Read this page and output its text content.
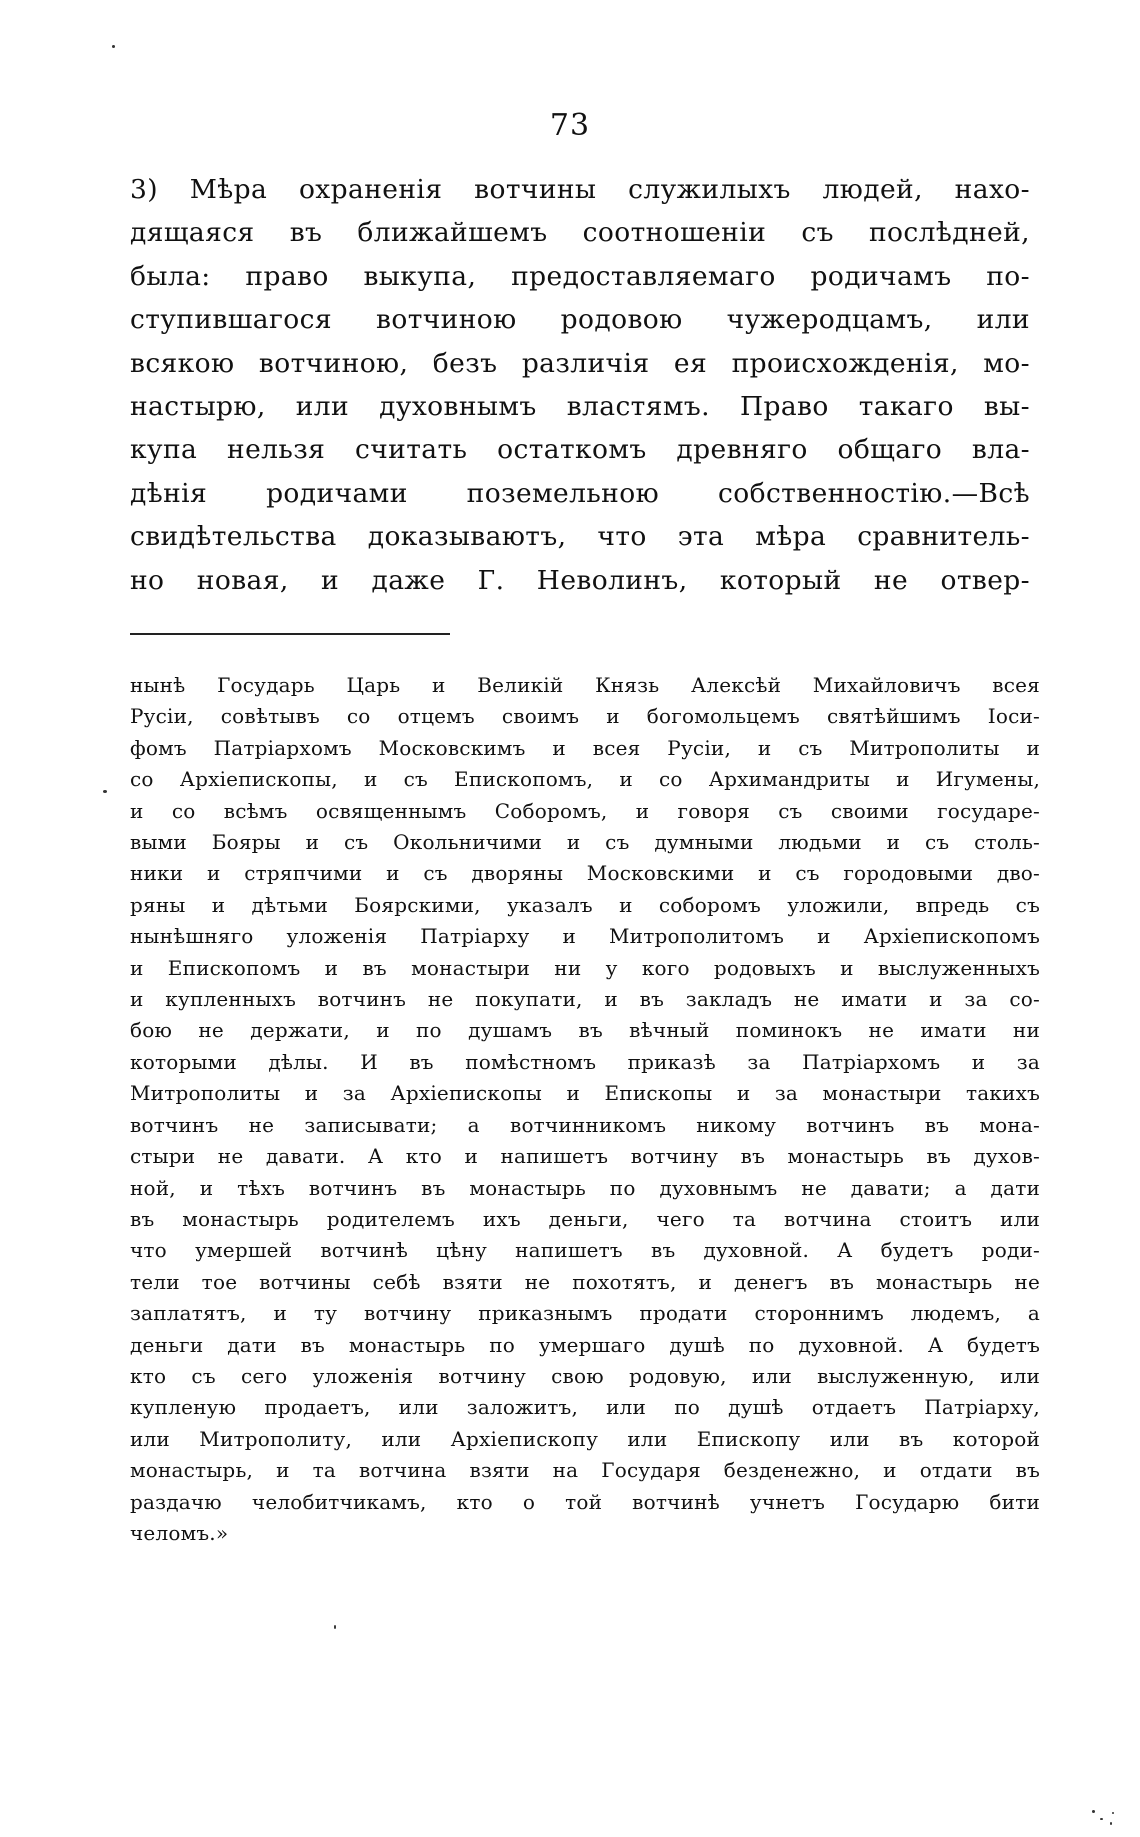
73
3) Мѣра охраненія вотчины служилыхъ людей, нахо-
дящаяся въ ближайшемъ соотношеніи съ послѣдней,
была: право выкупа, предоставляемаго родичамъ по-
ступившагося вотчиною родовою чужеродцамъ, или
всякою вотчиною, безъ различія ея происхожденія, мо-
настырю, или духовнымъ властямъ. Право такаго вы-
купа нельзя считать остаткомъ древняго общаго вла-
дѣнія родичами поземельною собственностію.—Всѣ
свидѣтельства доказываютъ, что эта мѣра сравнитель-
но новая, и даже Г. Неволинъ, который не отвер-
нынѣ Государь Царь и Великій Князь Алексѣй Михайловичъ всея
Русіи, совѣтывъ со отцемъ своимъ и богомольцемъ святѣйшимъ Іоси-
фомъ Патріархомъ Московскимъ и всея Русіи, и съ Митрополиты и
со Архіепископы, и съ Епископомъ, и со Архимандриты и Игумены,
и со всѣмъ освященнымъ Соборомъ, и говоря съ своими государе-
выми Бояры и съ Окольничими и съ думными людьми и съ столь-
ники и стряпчими и съ дворяны Московскими и съ городовыми дво-
ряны и дѣтьми Боярскими, указалъ и соборомъ уложили, впредь съ
нынѣшняго уложенія Патріарху и Митрополитомъ и Архіепископомъ
и Епископомъ и въ монастыри ни у кого родовыхъ и выслуженныхъ
и купленныхъ вотчинъ не покупати, и въ закладъ не имати и за со-
бою не держати, и по душамъ въ вѣчный поминокъ не имати ни
которыми дѣлы. И въ помѣстномъ приказѣ за Патріархомъ и за
Митрополиты и за Архіепископы и Епископы и за монастыри такихъ
вотчинъ не записывати; а вотчинникомъ никому вотчинъ въ мона-
стыри не давати. А кто и напишетъ вотчину въ монастырь въ духов-
ной, и тѣхъ вотчинъ въ монастырь по духовнымъ не давати; а дати
въ монастырь родителемъ ихъ деньги, чего та вотчина стоитъ или
что умершей вотчинѣ цѣну напишетъ въ духовной. А будетъ роди-
тели тое вотчины себѣ взяти не похотятъ, и денегъ въ монастырь не
заплатятъ, и ту вотчину приказнымъ продати стороннимъ людемъ, а
деньги дати въ монастырь по умершаго душѣ по духовной. А будетъ
кто съ сего уложенія вотчину свою родовую, или выслуженную, или
купленую продаетъ, или заложитъ, или по душѣ отдаетъ Патріарху,
или Митрополиту, или Архіепископу или Епископу или въ которой
монастырь, и та вотчина взяти на Государя безденежно, и отдати въ
раздачю челобитчикамъ, кто о той вотчинѣ учнетъ Государю бити
челомъ.»
